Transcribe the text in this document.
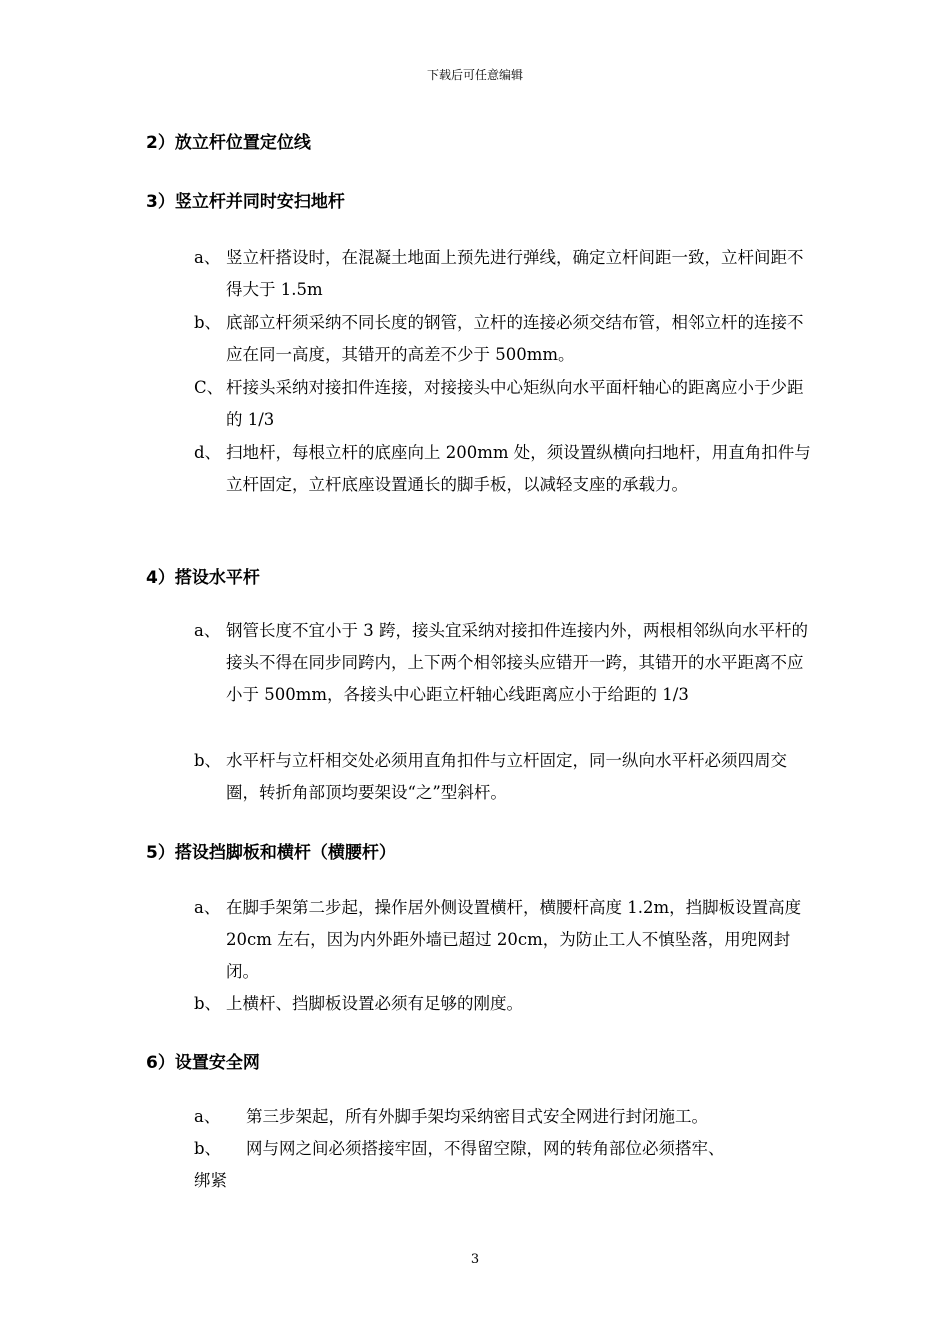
下载后可任意编辑
2）放立杆位置定位线
3）竖立杆并同时安扫地杆
a、 竖立杆搭设时，在混凝土地面上预先进行弹线，确定立杆间距一致，立杆间距不得大于 1.5m
b、 底部立杆须采纳不同长度的钢管，立杆的连接必须交结布管，相邻立杆的连接不应在同一高度，其错开的高差不少于 500mm。
C、 杆接头采纳对接扣件连接，对接接头中心矩纵向水平面杆轴心的距离应小于少距的 1/3
d、 扫地杆，每根立杆的底座向上 200mm 处，须设置纵横向扫地杆，用直角扣件与立杆固定，立杆底座设置通长的脚手板，以减轻支座的承载力。
4）搭设水平杆
a、 钢管长度不宜小于 3 跨，接头宜采纳对接扣件连接内外，两根相邻纵向水平杆的接头不得在同步同跨内，上下两个相邻接头应错开一跨，其错开的水平距离不应小于 500mm，各接头中心距立杆轴心线距离应小于给距的 1/3
b、 水平杆与立杆相交处必须用直角扣件与立杆固定，同一纵向水平杆必须四周交圈，转折角部顶均要架设“之”型斜杆。
5）搭设挡脚板和横杆（横腰杆）
a、 在脚手架第二步起，操作居外侧设置横杆，横腰杆高度 1.2m，挡脚板设置高度 20cm 左右，因为内外距外墙已超过 20cm，为防止工人不慎坠落，用兜网封闭。
b、 上横杆、挡脚板设置必须有足够的刚度。
6）设置安全网
a、	第三步架起，所有外脚手架均采纳密目式安全网进行封闭施工。
b、	网与网之间必须搭接牢固，不得留空隙，网的转角部位必须搭牢、
绑紧
3
